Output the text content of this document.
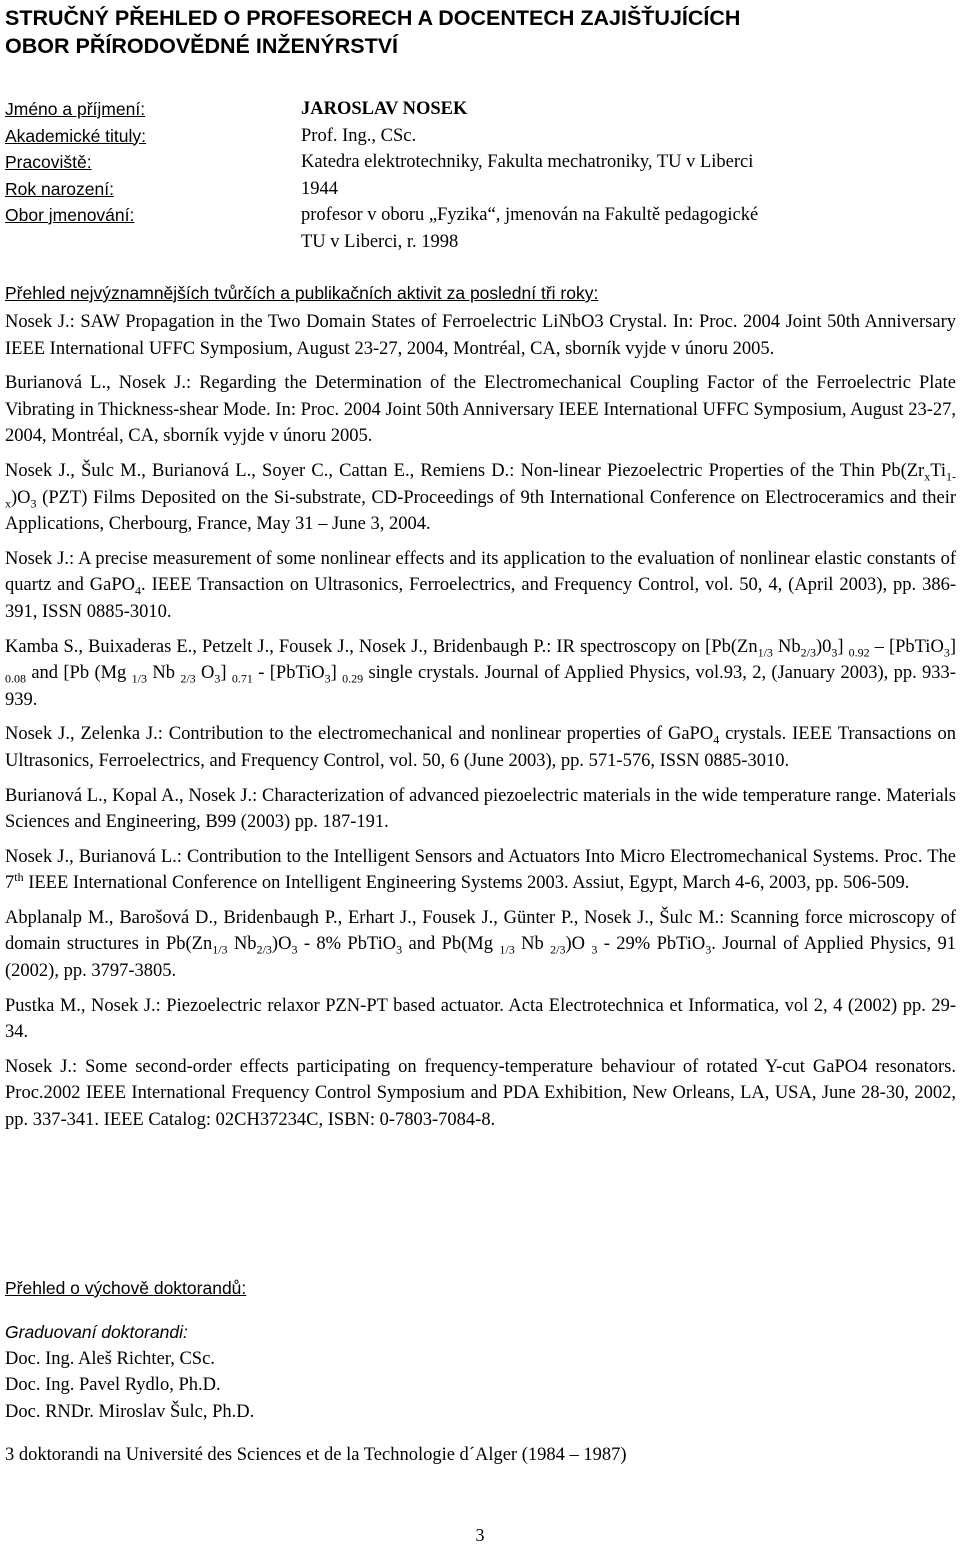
STRUČNÝ PŘEHLED O PROFESORECH A DOCENTECH ZAJIŠŤUJÍCÍCH
OBOR PŘÍRODOVĚDNÉ INŽENÝRSTVÍ
Jméno a příjmení:	JAROSLAV NOSEK
Akademické tituly:	Prof. Ing., CSc.
Pracoviště:	Katedra elektrotechniky, Fakulta mechatroniky, TU v Liberci
Rok narození:	1944
Obor jmenování:	profesor v oboru „Fyzika“, jmenován na Fakultě pedagogické
TU v Liberci, r. 1998
Přehled nejvýznamnějších tvůrčích a publikačních aktivit za poslední tři roky:

Nosek J.: SAW Propagation in the Two Domain States of Ferroelectric LiNbO3 Crystal. In: Proc. 2004 Joint 50th Anniversary IEEE International UFFC Symposium, August 23-27, 2004, Montréal, CA, sborník vyjde v únoru 2005.

Burianová L., Nosek J.: Regarding the Determination of the Electromechanical Coupling Factor of the Ferroelectric Plate Vibrating in Thickness-shear Mode. In: Proc. 2004 Joint 50th Anniversary IEEE International UFFC Symposium, August 23-27, 2004, Montréal, CA, sborník vyjde v únoru 2005.

Nosek J., Šulc M., Burianová L., Soyer C., Cattan E., Remiens D.: Non-linear Piezoelectric Properties of the Thin $Pb(Zr_xTi_{1-x})O_3$ (PZT) Films Deposited on the Si-substrate, CD-Proceedings of 9th International Conference on Electroceramics and their Applications, Cherbourg, France, May 31 – June 3, 2004.

Nosek J.: A precise measurement of some nonlinear effects and its application to the evaluation of nonlinear elastic constants of quartz and GaPO$_4$. IEEE Transaction on Ultrasonics, Ferroelectrics, and Frequency Control, vol. 50, 4, (April 2003), pp. 386-391, ISSN 0885-3010.

Kamba S., Buixaderas E., Petzelt J., Fousek J., Nosek J., Bridenbaugh P.: IR spectroscopy on [$Pb(Zn_{1/3}$ $Nb_{2/3})0_3$] $_{0.92}$ – [PbTiO$_3$] $_{0.08}$ and [Pb (Mg $_{1/3}$ Nb $_{2/3}$ $O_3$] $_{0.71}$ - [PbTiO$_3$] $_{0.29}$ single crystals. Journal of Applied Physics, vol.93, 2, (January 2003), pp. 933-939.

Nosek J., Zelenka J.: Contribution to the electromechanical and nonlinear properties of GaPO$_4$ crystals. IEEE Transactions on Ultrasonics, Ferroelectrics, and Frequency Control, vol. 50, 6 (June 2003), pp. 571-576, ISSN 0885-3010.

Burianová L., Kopal A., Nosek J.: Characterization of advanced piezoelectric materials in the wide temperature range. Materials Sciences and Engineering, B99 (2003) pp. 187-191.

Nosek J., Burianová L.: Contribution to the Intelligent Sensors and Actuators Into Micro Electromechanical Systems. Proc. The 7th IEEE International Conference on Intelligent Engineering Systems 2003. Assiut, Egypt, March 4-6, 2003, pp. 506-509.

Abplanalp M., Barošová D., Bridenbaugh P., Erhart J., Fousek J., Günter P., Nosek J., Šulc M.: Scanning force microscopy of domain structures in $Pb(Zn_{1/3}$ $Nb_{2/3})O_3 - 8\%$ PbTiO$_3$ and Pb(Mg $_{1/3}$ Nb $_{2/3}$)O $_3$ - 29% PbTiO$_3$. Journal of Applied Physics, 91 (2002), pp. 3797-3805.

Pustka M., Nosek J.: Piezoelectric relaxor PZN-PT based actuator. Acta Electrotechnica et Informatica, vol 2, 4 (2002) pp. 29-34.

Nosek J.: Some second-order effects participating on frequency-temperature behaviour of rotated Y-cut GaPO4 resonators. Proc.2002 IEEE International Frequency Control Symposium and PDA Exhibition, New Orleans, LA, USA, June 28-30, 2002, pp. 337-341. IEEE Catalog: 02CH37234C, ISBN: 0-7803-7084-8.

Přehled o výchově doktorandů:
Graduovaní doktorandi:
Doc. Ing. Aleš Richter, CSc.
Doc. Ing. Pavel Rydlo, Ph.D.
Doc. RNDr. Miroslav Šulc, Ph.D.
3 doktorandi na Université des Sciences et de la Technologie d´Alger (1984 – 1987)
3
